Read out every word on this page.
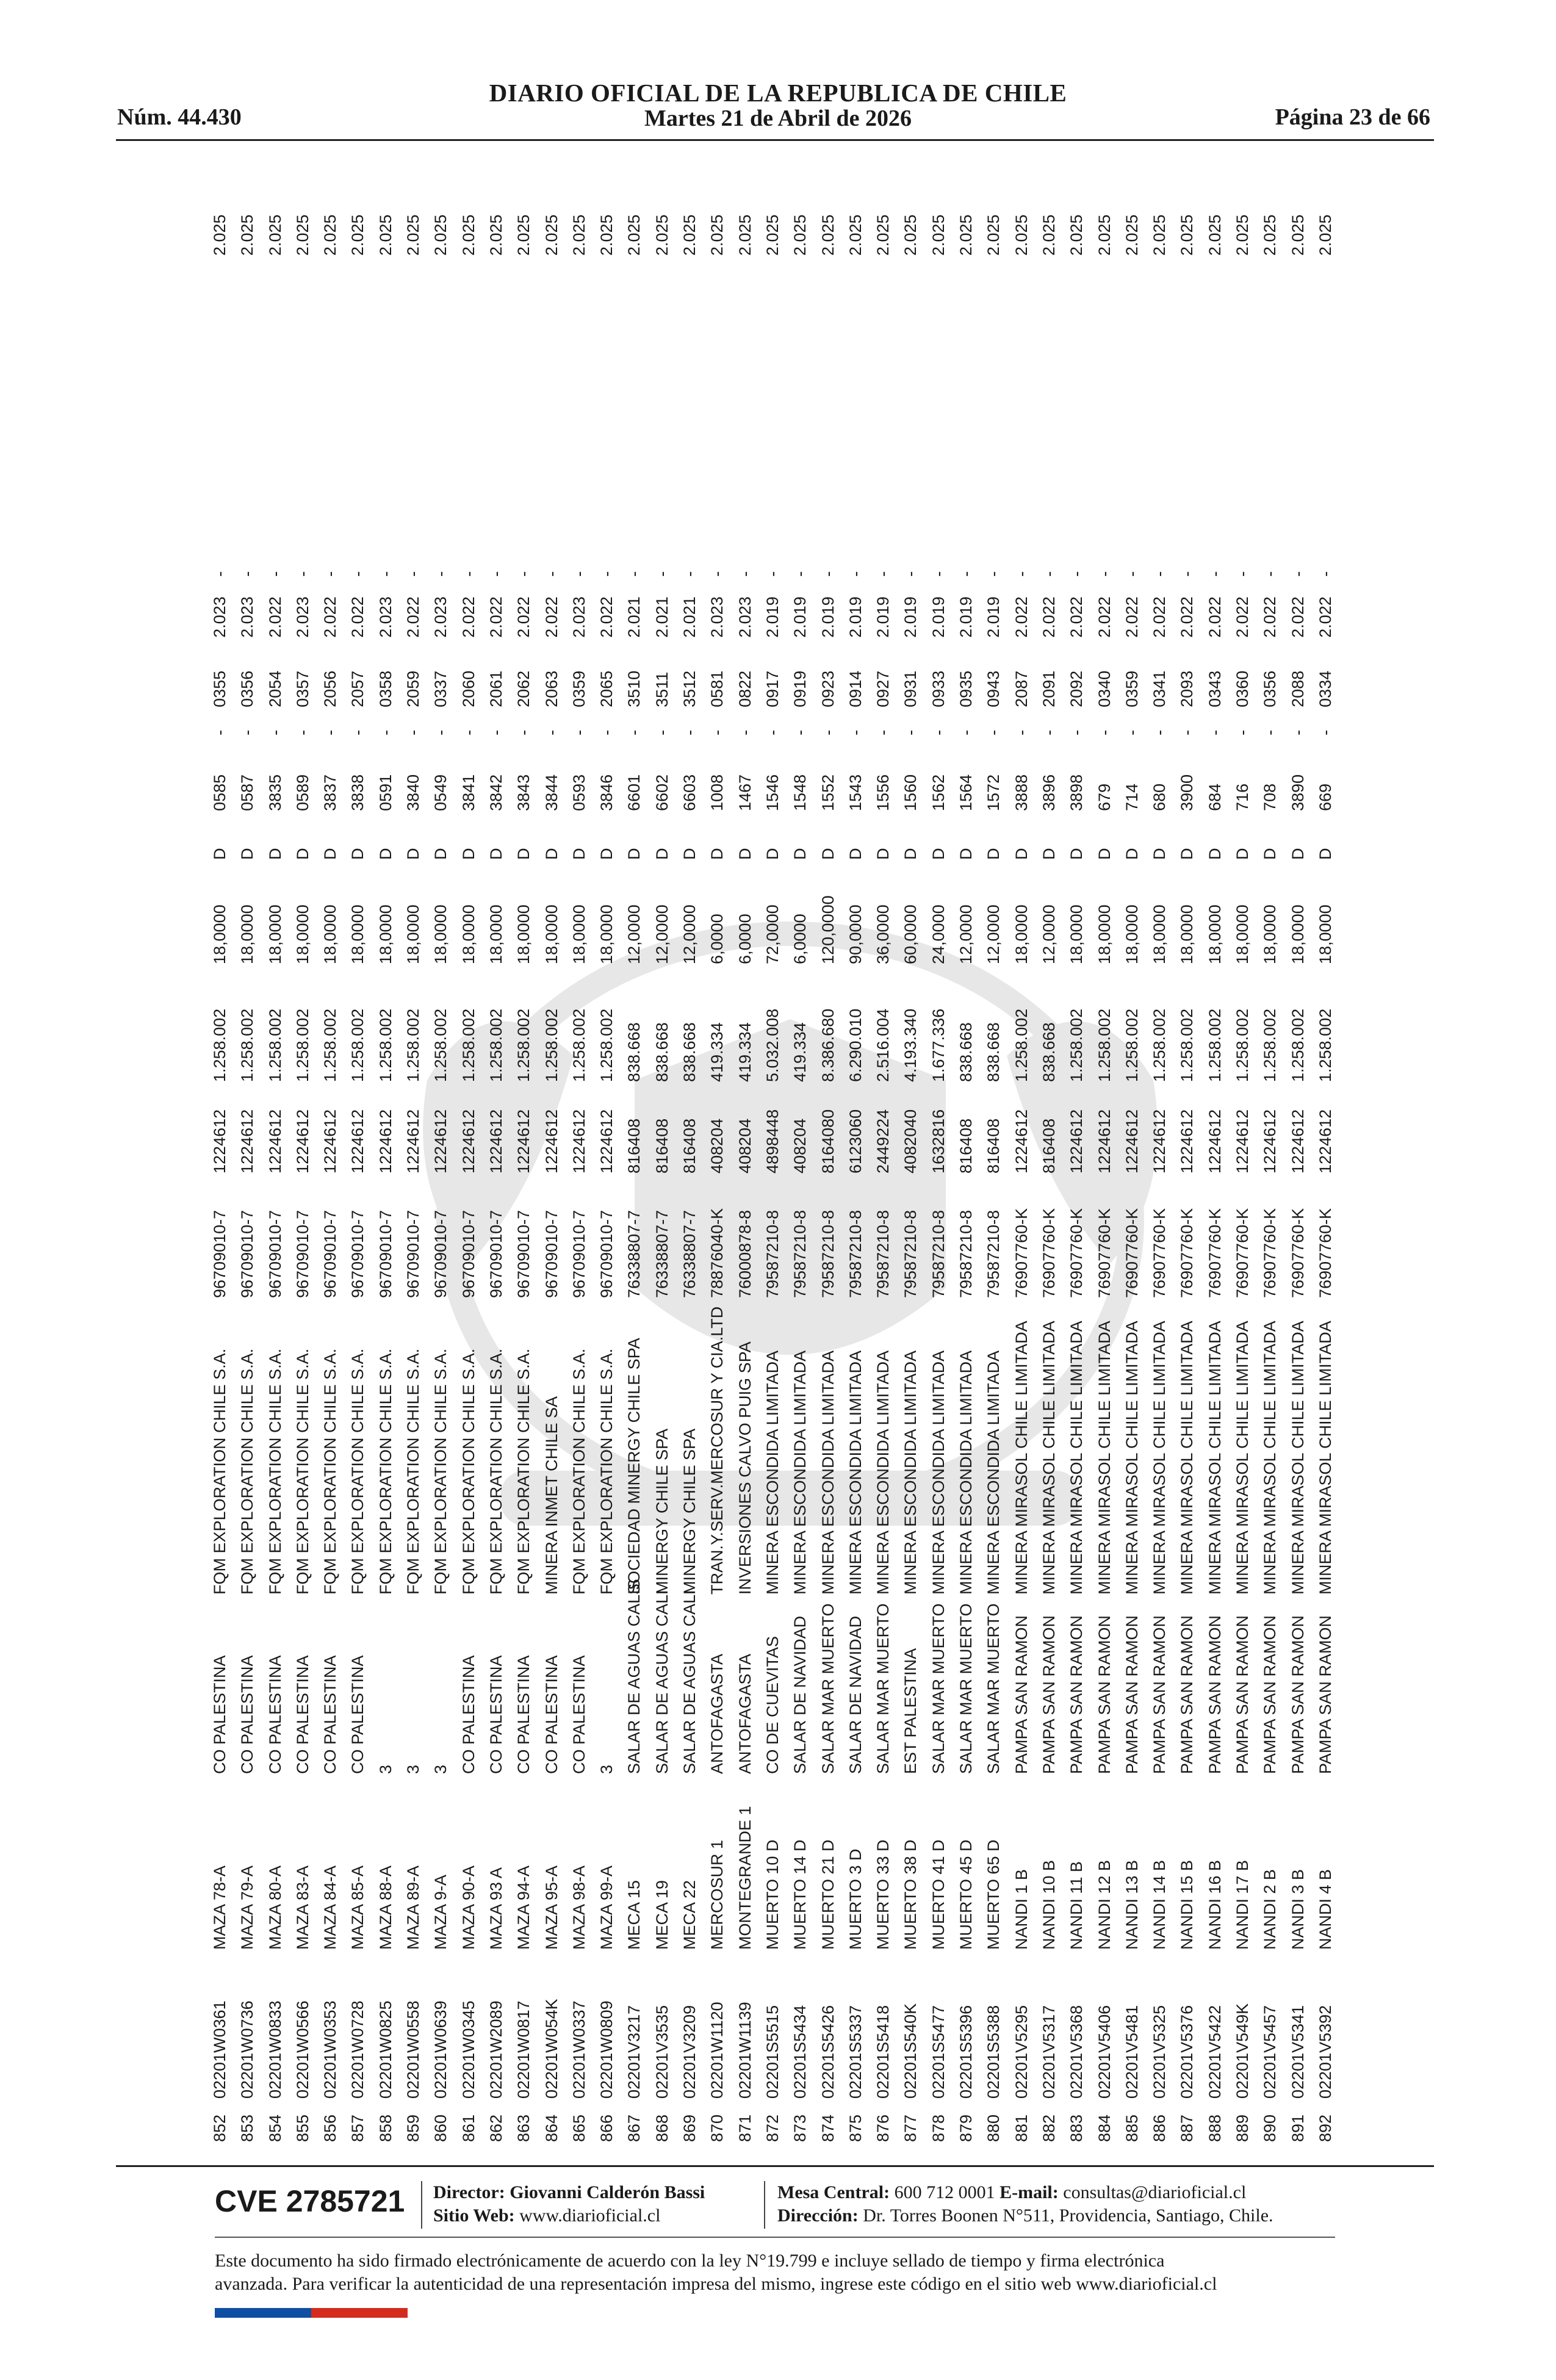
Núm. 44.430
DIARIO OFICIAL DE LA REPUBLICA DE CHILE
Martes 21 de Abril de 2026	Página 23 de 66
852
02201W0361
MAZA 78-A
CO PALESTINA
FQM EXPLORATION CHILE S.A.
96709010-7
1224612
1.258.002
18,0000
D
0585
-
0355
2.023
-
2.025
853
02201W0736
MAZA 79-A
CO PALESTINA
FQM EXPLORATION CHILE S.A.
96709010-7
1224612
1.258.002
18,0000
D
0587
-
0356
2.023
-
2.025
854
02201W0833
MAZA 80-A
CO PALESTINA
FQM EXPLORATION CHILE S.A.
96709010-7
1224612
1.258.002
18,0000
D
3835
-
2054
2.022
-
2.025
855
02201W0566
MAZA 83-A
CO PALESTINA
FQM EXPLORATION CHILE S.A.
96709010-7
1224612
1.258.002
18,0000
D
0589
-
0357
2.023
-
2.025
856
02201W0353
MAZA 84-A
CO PALESTINA
FQM EXPLORATION CHILE S.A.
96709010-7
1224612
1.258.002
18,0000
D
3837
-
2056
2.022
-
2.025
857
02201W0728
MAZA 85-A
CO PALESTINA
FQM EXPLORATION CHILE S.A.
96709010-7
1224612
1.258.002
18,0000
D
3838
-
2057
2.022
-
2.025
858
02201W0825
MAZA 88-A
3
FQM EXPLORATION CHILE S.A.
96709010-7
1224612
1.258.002
18,0000
D
0591
-
0358
2.023
-
2.025
859
02201W0558
MAZA 89-A
3
FQM EXPLORATION CHILE S.A.
96709010-7
1224612
1.258.002
18,0000
D
3840
-
2059
2.022
-
2.025
860
02201W0639
MAZA 9-A
3
FQM EXPLORATION CHILE S.A.
96709010-7
1224612
1.258.002
18,0000
D
0549
-
0337
2.023
-
2.025
861
02201W0345
MAZA 90-A
CO PALESTINA
FQM EXPLORATION CHILE S.A.
96709010-7
1224612
1.258.002
18,0000
D
3841
-
2060
2.022
-
2.025
862
02201W2089
MAZA 93 A
CO PALESTINA
FQM EXPLORATION CHILE S.A.
96709010-7
1224612
1.258.002
18,0000
D
3842
-
2061
2.022
-
2.025
863
02201W0817
MAZA 94-A
CO PALESTINA
FQM EXPLORATION CHILE S.A.
96709010-7
1224612
1.258.002
18,0000
D
3843
-
2062
2.022
-
2.025
864
02201W054K
MAZA 95-A
CO PALESTINA
MINERA INMET CHILE SA
96709010-7
1224612
1.258.002
18,0000
D
3844
-
2063
2.022
-
2.025
865
02201W0337
MAZA 98-A
CO PALESTINA
FQM EXPLORATION CHILE S.A.
96709010-7
1224612
1.258.002
18,0000
D
0593
-
0359
2.023
-
2.025
866
02201W0809
MAZA 99-A
3
FQM EXPLORATION CHILE S.A.
96709010-7
1224612
1.258.002
18,0000
D
3846
-
2065
2.022
-
2.025
867
02201V3217
MECA 15
SALAR DE AGUAS CALIS
SOCIEDAD MINERGY CHILE SPA
76338807-7
816408
838.668
12,0000
D
6601
-
3510
2.021
-
2.025
868
02201V3535
MECA 19
SALAR DE AGUAS CALI
MINERGY CHILE SPA
76338807-7
816408
838.668
12,0000
D
6602
-
3511
2.021
-
2.025
869
02201V3209
MECA 22
SALAR DE AGUAS CALI
MINERGY CHILE SPA
76338807-7
816408
838.668
12,0000
D
6603
-
3512
2.021
-
2.025
870
02201W1120
MERCOSUR 1
ANTOFAGASTA
TRAN.Y.SERV.MERCOSUR Y CIA.LTD
78876040-K
408204
419.334
6,0000
D
1008
-
0581
2.023
-
2.025
871
02201W1139
MONTEGRANDE 1
ANTOFAGASTA
INVERSIONES CALVO PUIG SPA
76000878-8
408204
419.334
6,0000
D
1467
-
0822
2.023
-
2.025
872
02201S5515
MUERTO 10 D
CO DE CUEVITAS
MINERA ESCONDIDA LIMITADA
79587210-8
4898448
5.032.008
72,0000
D
1546
-
0917
2.019
-
2.025
873
02201S5434
MUERTO 14 D
SALAR DE NAVIDAD
MINERA ESCONDIDA LIMITADA
79587210-8
408204
419.334
6,0000
D
1548
-
0919
2.019
-
2.025
874
02201S5426
MUERTO 21 D
SALAR MAR MUERTO
MINERA ESCONDIDA LIMITADA
79587210-8
8164080
8.386.680
120,0000
D
1552
-
0923
2.019
-
2.025
875
02201S5337
MUERTO 3 D
SALAR DE NAVIDAD
MINERA ESCONDIDA LIMITADA
79587210-8
6123060
6.290.010
90,0000
D
1543
-
0914
2.019
-
2.025
876
02201S5418
MUERTO 33 D
SALAR MAR MUERTO
MINERA ESCONDIDA LIMITADA
79587210-8
2449224
2.516.004
36,0000
D
1556
-
0927
2.019
-
2.025
877
02201S540K
MUERTO 38 D
EST PALESTINA
MINERA ESCONDIDA LIMITADA
79587210-8
4082040
4.193.340
60,0000
D
1560
-
0931
2.019
-
2.025
878
02201S5477
MUERTO 41 D
SALAR MAR MUERTO
MINERA ESCONDIDA LIMITADA
79587210-8
1632816
1.677.336
24,0000
D
1562
-
0933
2.019
-
2.025
879
02201S5396
MUERTO 45 D
SALAR MAR MUERTO
MINERA ESCONDIDA LIMITADA
79587210-8
816408
838.668
12,0000
D
1564
-
0935
2.019
-
2.025
880
02201S5388
MUERTO 65 D
SALAR MAR MUERTO
MINERA ESCONDIDA LIMITADA
79587210-8
816408
838.668
12,0000
D
1572
-
0943
2.019
-
2.025
881
02201V5295
NANDI 1 B
PAMPA SAN RAMON
MINERA MIRASOL CHILE LIMITADA
76907760-K
1224612
1.258.002
18,0000
D
3888
-
2087
2.022
-
2.025
882
02201V5317
NANDI 10 B
PAMPA SAN RAMON
MINERA MIRASOL CHILE LIMITADA
76907760-K
816408
838.668
12,0000
D
3896
-
2091
2.022
-
2.025
883
02201V5368
NANDI 11 B
PAMPA SAN RAMON
MINERA MIRASOL CHILE LIMITADA
76907760-K
1224612
1.258.002
18,0000
D
3898
-
2092
2.022
-
2.025
884
02201V5406
NANDI 12 B
PAMPA SAN RAMON
MINERA MIRASOL CHILE LIMITADA
76907760-K
1224612
1.258.002
18,0000
D
679
-
0340
2.022
-
2.025
885
02201V5481
NANDI 13 B
PAMPA SAN RAMON
MINERA MIRASOL CHILE LIMITADA
76907760-K
1224612
1.258.002
18,0000
D
714
-
0359
2.022
-
2.025
886
02201V5325
NANDI 14 B
PAMPA SAN RAMON
MINERA MIRASOL CHILE LIMITADA
76907760-K
1224612
1.258.002
18,0000
D
680
-
0341
2.022
-
2.025
887
02201V5376
NANDI 15 B
PAMPA SAN RAMON
MINERA MIRASOL CHILE LIMITADA
76907760-K
1224612
1.258.002
18,0000
D
3900
-
2093
2.022
-
2.025
888
02201V5422
NANDI 16 B
PAMPA SAN RAMON
MINERA MIRASOL CHILE LIMITADA
76907760-K
1224612
1.258.002
18,0000
D
684
-
0343
2.022
-
2.025
889
02201V549K
NANDI 17 B
PAMPA SAN RAMON
MINERA MIRASOL CHILE LIMITADA
76907760-K
1224612
1.258.002
18,0000
D
716
-
0360
2.022
-
2.025
890
02201V5457
NANDI 2 B
PAMPA SAN RAMON
MINERA MIRASOL CHILE LIMITADA
76907760-K
1224612
1.258.002
18,0000
D
708
-
0356
2.022
-
2.025
891
02201V5341
NANDI 3 B
PAMPA SAN RAMON
MINERA MIRASOL CHILE LIMITADA
76907760-K
1224612
1.258.002
18,0000
D
3890
-
2088
2.022
-
2.025
892
02201V5392
NANDI 4 B
PAMPA SAN RAMON
MINERA MIRASOL CHILE LIMITADA
76907760-K
1224612
1.258.002
18,0000
D
669
-
0334
2.022
-
2.025
CVE 2785721 Director: Giovanni Calderón Bassi
Sitio Web: www.diarioficial.cl
Mesa Central: 600 712 0001 E-mail: consultas@diarioficial.cl
Dirección: Dr. Torres Boonen N°511, Providencia, Santiago, Chile.
Este documento ha sido firmado electrónicamente de acuerdo con la ley N°19.799 e incluye sellado de tiempo y firma electrónica
avanzada. Para verificar la autenticidad de una representación impresa del mismo, ingrese este código en el sitio web www.diarioficial.cl
